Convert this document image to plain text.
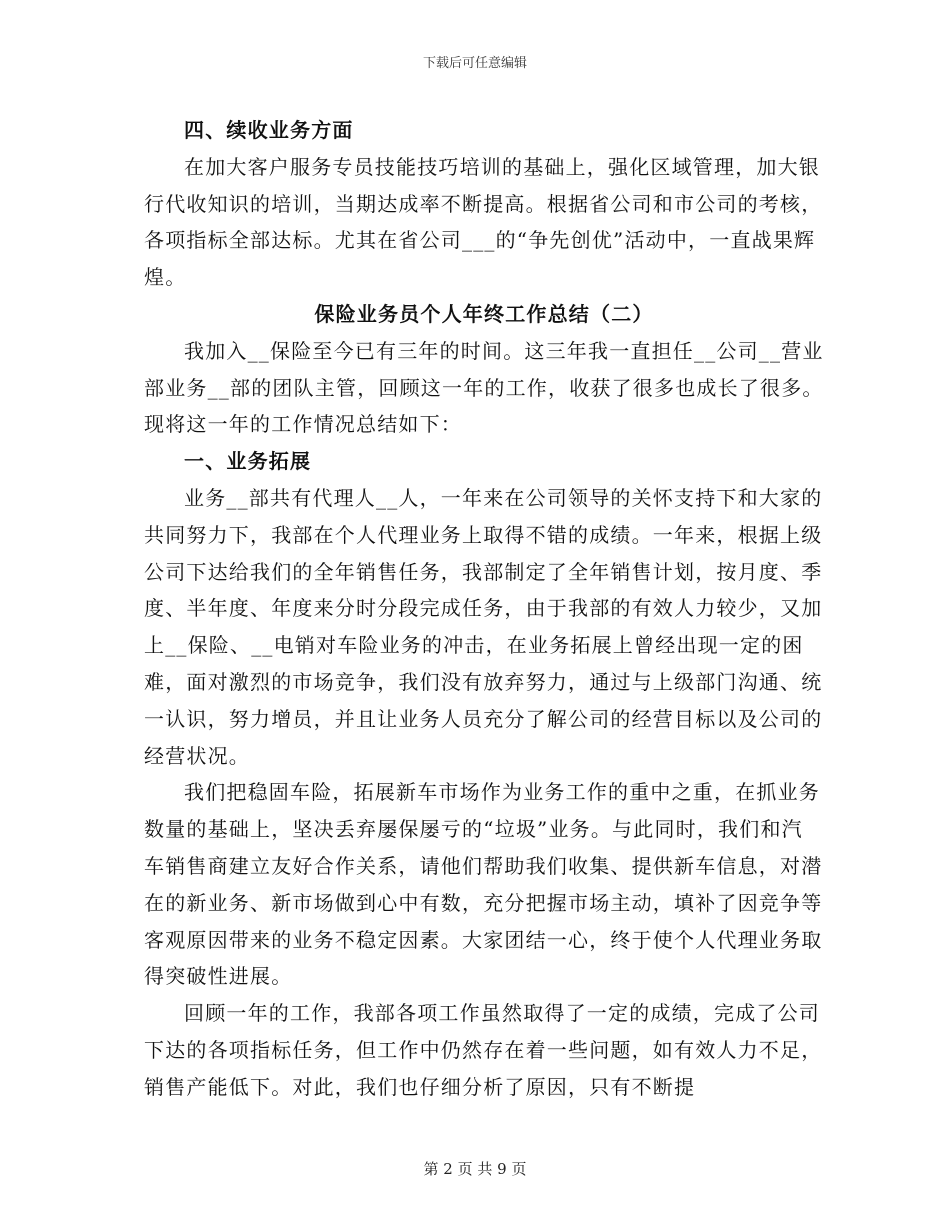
下载后可任意编辑

四、续收业务方面

在加大客户服务专员技能技巧培训的基础上，强化区域管理，加大银行代收知识的培训，当期达成率不断提高。根据省公司和市公司的考核，各项指标全部达标。尤其在省公司___的“争先创优”活动中，一直战果辉煌。

保险业务员个人年终工作总结（二）

我加入__保险至今已有三年的时间。这三年我一直担任__公司__营业部业务__部的团队主管，回顾这一年的工作，收获了很多也成长了很多。现将这一年的工作情况总结如下：

一、业务拓展

业务__部共有代理人__人，一年来在公司领导的关怀支持下和大家的共同努力下，我部在个人代理业务上取得不错的成绩。一年来，根据上级公司下达给我们的全年销售任务，我部制定了全年销售计划，按月度、季度、半年度、年度来分时分段完成任务，由于我部的有效人力较少，又加上__保险、__电销对车险业务的冲击，在业务拓展上曾经出现一定的困难，面对激烈的市场竞争，我们没有放弃努力，通过与上级部门沟通、统一认识，努力增员，并且让业务人员充分了解公司的经营目标以及公司的经营状况。

我们把稳固车险，拓展新车市场作为业务工作的重中之重，在抓业务数量的基础上，坚决丢弃屡保屡亏的“垃圾”业务。与此同时，我们和汽车销售商建立友好合作关系，请他们帮助我们收集、提供新车信息，对潜在的新业务、新市场做到心中有数，充分把握市场主动，填补了因竞争等客观原因带来的业务不稳定因素。大家团结一心，终于使个人代理业务取得突破性进展。

回顾一年的工作，我部各项工作虽然取得了一定的成绩，完成了公司下达的各项指标任务，但工作中仍然存在着一些问题，如有效人力不足，销售产能低下。对此，我们也仔细分析了原因，只有不断提

第 2 页 共 9 页
